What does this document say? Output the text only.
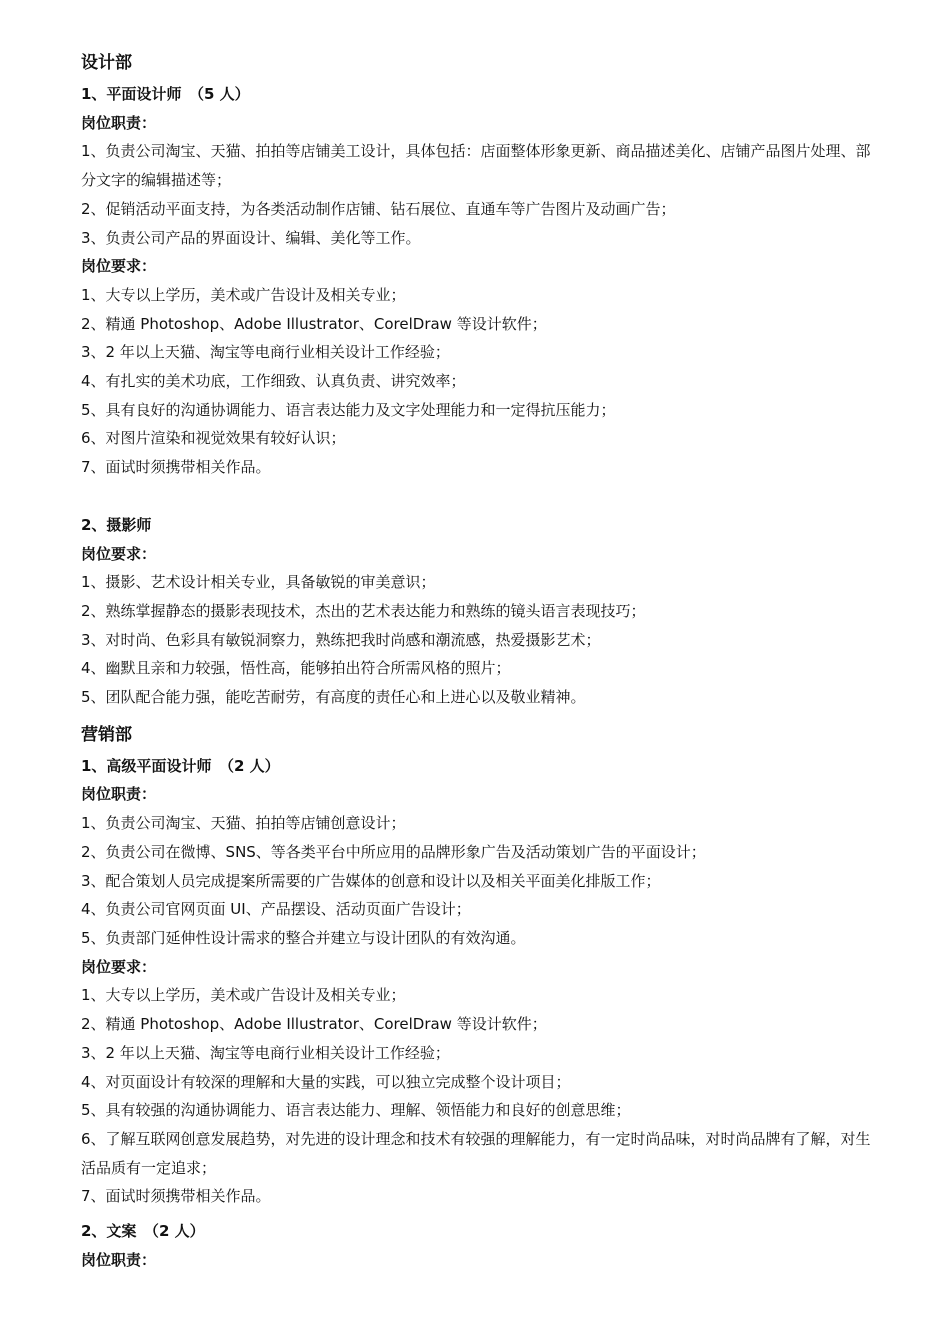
设计部

1、平面设计师　（5 人）

岗位职责：

1、负责公司淘宝、天猫、拍拍等店铺美工设计，具体包括：店面整体形象更新、商品描述美化、店铺产品图片处理、部分文字的编辑描述等；

2、促销活动平面支持，为各类活动制作店铺、钻石展位、直通车等广告图片及动画广告；

3、负责公司产品的界面设计、编辑、美化等工作。

岗位要求：

1、大专以上学历，美术或广告设计及相关专业；

2、精通 Photoshop、Adobe Illustrator、CorelDraw 等设计软件；

3、2 年以上天猫、淘宝等电商行业相关设计工作经验；

4、有扎实的美术功底，工作细致、认真负责、讲究效率；

5、具有良好的沟通协调能力、语言表达能力及文字处理能力和一定得抗压能力；

6、对图片渲染和视觉效果有较好认识；

7、面试时须携带相关作品。

2、摄影师

岗位要求：

1、摄影、艺术设计相关专业，具备敏锐的审美意识；

2、熟练掌握静态的摄影表现技术，杰出的艺术表达能力和熟练的镜头语言表现技巧；

3、对时尚、色彩具有敏锐洞察力，熟练把我时尚感和潮流感，热爱摄影艺术；

4、幽默且亲和力较强，悟性高，能够拍出符合所需风格的照片；

5、团队配合能力强，能吃苦耐劳，有高度的责任心和上进心以及敬业精神。

营销部

1、高级平面设计师　（2 人）

岗位职责：

1、负责公司淘宝、天猫、拍拍等店铺创意设计；

2、负责公司在微博、SNS、等各类平台中所应用的品牌形象广告及活动策划广告的平面设计；

3、配合策划人员完成提案所需要的广告媒体的创意和设计以及相关平面美化排版工作；

4、负责公司官网页面 UI、产品摆设、活动页面广告设计；

5、负责部门延伸性设计需求的整合并建立与设计团队的有效沟通。

岗位要求：

1、大专以上学历，美术或广告设计及相关专业；

2、精通 Photoshop、Adobe Illustrator、CorelDraw 等设计软件；

3、2 年以上天猫、淘宝等电商行业相关设计工作经验；

4、对页面设计有较深的理解和大量的实践，可以独立完成整个设计项目；

5、具有较强的沟通协调能力、语言表达能力、理解、领悟能力和良好的创意思维；

6、了解互联网创意发展趋势，对先进的设计理念和技术有较强的理解能力，有一定时尚品味，对时尚品牌有了解，对生活品质有一定追求；

7、面试时须携带相关作品。

2、文案　（2 人）

岗位职责：
